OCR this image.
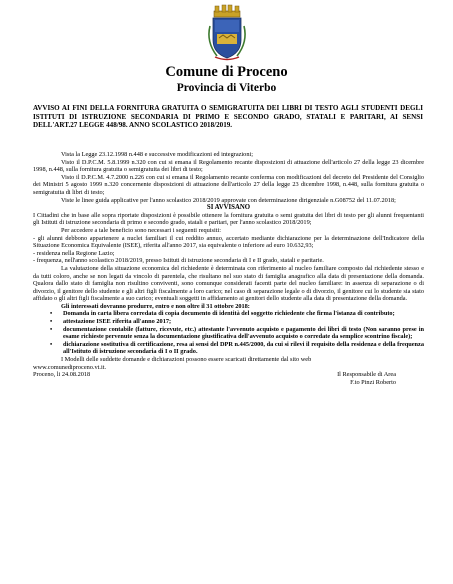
Comune di Proceno
Provincia di Viterbo
AVVISO AI FINI DELLA FORNITURA GRATUITA O SEMIGRATUITA DEI LIBRI DI TESTO AGLI STUDENTI DEGLI ISTITUTI DI ISTRUZIONE SECONDARIA DI PRIMO E SECONDO GRADO, STATALI E PARITARI, AI SENSI DELL'ART.27 LEGGE 448/98. ANNO SCOLASTICO 2018/2019.

Vista la Legge 23.12.1998 n.448 e successive modificazioni ed integrazioni;

Visto il D.P.C.M. 5.8.1999 n.320 con cui si emana il Regolamento recante disposizioni di attuazione dell'articolo 27 della legge 23 dicembre 1998, n.448, sulla fornitura gratuita o semigratuita dei libri di testo;

Visto il D.P.C.M. 4.7.2000 n.226 con cui si emana il Regolamento recante conferma con modificazioni del decreto del Presidente del Consiglio dei Ministri 5 agosto 1999 n.320 concernente disposizioni di attuazione dell'articolo 27 della legge 23 dicembre 1998, n.448, sulla fornitura gratuita o semigratuita di libri di testo;

Viste le linee guida applicative per l'anno scolastico 2018/2019 approvate con determinazione dirigenziale n.G08752 del 11.07.2018;

SI AVVISANO

I Cittadini che in base alle sopra riportate disposizioni è possibile ottenere la fornitura gratuita o semi gratuita dei libri di testo per gli alunni frequentanti gli Istituti di istruzione secondaria di primo e secondo grado, statali e paritari, per l'anno scolastico 2018/2019;

Per accedere a tale beneficio sono necessari i seguenti requisiti:

- gli alunni debbono appartenere a nuclei familiari il cui reddito annuo, accertato mediante dichiarazione per la determinazione dell'Indicatore della Situazione Economica Equivalente (ISEE), riferita all'anno 2017, sia equivalente o inferiore ad euro 10.632,93;

- residenza nella Regione Lazio;

- frequenza, nell'anno scolastico 2018/2019, presso Istituti di istruzione secondaria di I e II grado, statali e paritarie.

La valutazione della situazione economica del richiedente è determinata con riferimento al nucleo familiare composto dal richiedente stesso e da tutti coloro, anche se non legati da vincolo di parentela, che risultano nel suo stato di famiglia anagrafico alla data di presentazione della domanda. Qualora dallo stato di famiglia non risultino conviventi, sono comunque considerati facenti parte del nucleo familiare: in assenza di separazione o di divorzio, il genitore dello studente e gli altri figli fiscalmente a loro carico; nel caso di separazione legale o di divorzio, il genitore cui lo studente sia stato affidato o gli altri figli fiscalmente a suo carico; eventuali soggetti in affidamento ai genitori dello studente alla data di presentazione della domanda.

Gli interessati dovranno produrre, entro e non oltre il 31 ottobre 2018:

• Domanda in carta libera corredata di copia documento di identità del soggetto richiedente che firma l'istanza di contributo;
• attestazione ISEE riferita all'anno 2017;
• documentazione contabile (fatture, ricevute, etc.) attestante l'avvenuto acquisto e pagamento dei libri di testo (Non saranno prese in esame richieste pervenute senza la documentazione giustificativa dell'avvenuto acquisto o corredate da semplice scontrino fiscale);
• dichiarazione sostitutiva di certificazione, resa ai sensi del DPR n.445/2000, da cui si rilevi il requisito della residenza e della frequenza all'Istituto di istruzione secondaria di I o II grado.

I Modelli delle suddette domande e dichiarazioni possono essere scaricati direttamente dal sito web

www.comunediproceno.vt.it.

Proceno, li 24.08.2018	Il Responsabile di Area
F.to Pinzi Roberto
